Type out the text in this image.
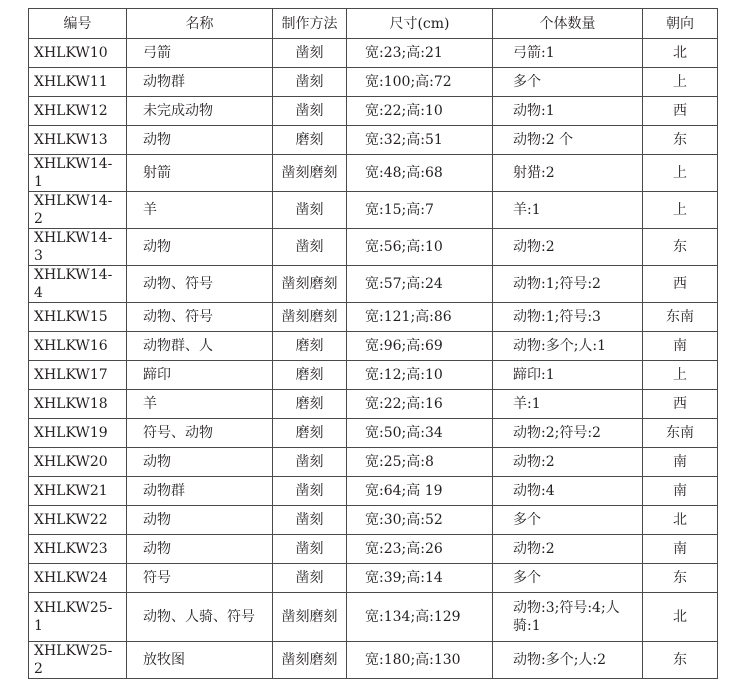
编号	名称	制作方法	尺寸(cm)	个体数量	朝向
XHLKW10	弓箭	凿刻	宽:23;高:21	弓箭:1	北
XHLKW11	动物群	凿刻	宽:100;高:72	多个	上
XHLKW12	未完成动物	凿刻	宽:22;高:10	动物:1	西
XHLKW13	动物	磨刻	宽:32;高:51	动物:2 个	东
XHLKW14-1	射箭	凿刻磨刻	宽:48;高:68	射猎:2	上
XHLKW14-2	羊	凿刻	宽:15;高:7	羊:1	上
XHLKW14-3	动物	凿刻	宽:56;高:10	动物:2	东
XHLKW14-4	动物、符号	凿刻磨刻	宽:57;高:24	动物:1;符号:2	西
XHLKW15	动物、符号	凿刻磨刻	宽:121;高:86	动物:1;符号:3	东南
XHLKW16	动物群、人	磨刻	宽:96;高:69	动物:多个;人:1	南
XHLKW17	蹄印	磨刻	宽:12;高:10	蹄印:1	上
XHLKW18	羊	磨刻	宽:22;高:16	羊:1	西
XHLKW19	符号、动物	磨刻	宽:50;高:34	动物:2;符号:2	东南
XHLKW20	动物	凿刻	宽:25;高:8	动物:2	南
XHLKW21	动物群	凿刻	宽:64;高 19	动物:4	南
XHLKW22	动物	凿刻	宽:30;高:52	多个	北
XHLKW23	动物	凿刻	宽:23;高:26	动物:2	南
XHLKW24	符号	凿刻	宽:39;高:14	多个	东
XHLKW25-1	动物、人骑、符号	凿刻磨刻	宽:134;高:129	动物:3;符号:4;人骑:1	北
XHLKW25-2	放牧图	凿刻磨刻	宽:180;高:130	动物:多个;人:2	东
